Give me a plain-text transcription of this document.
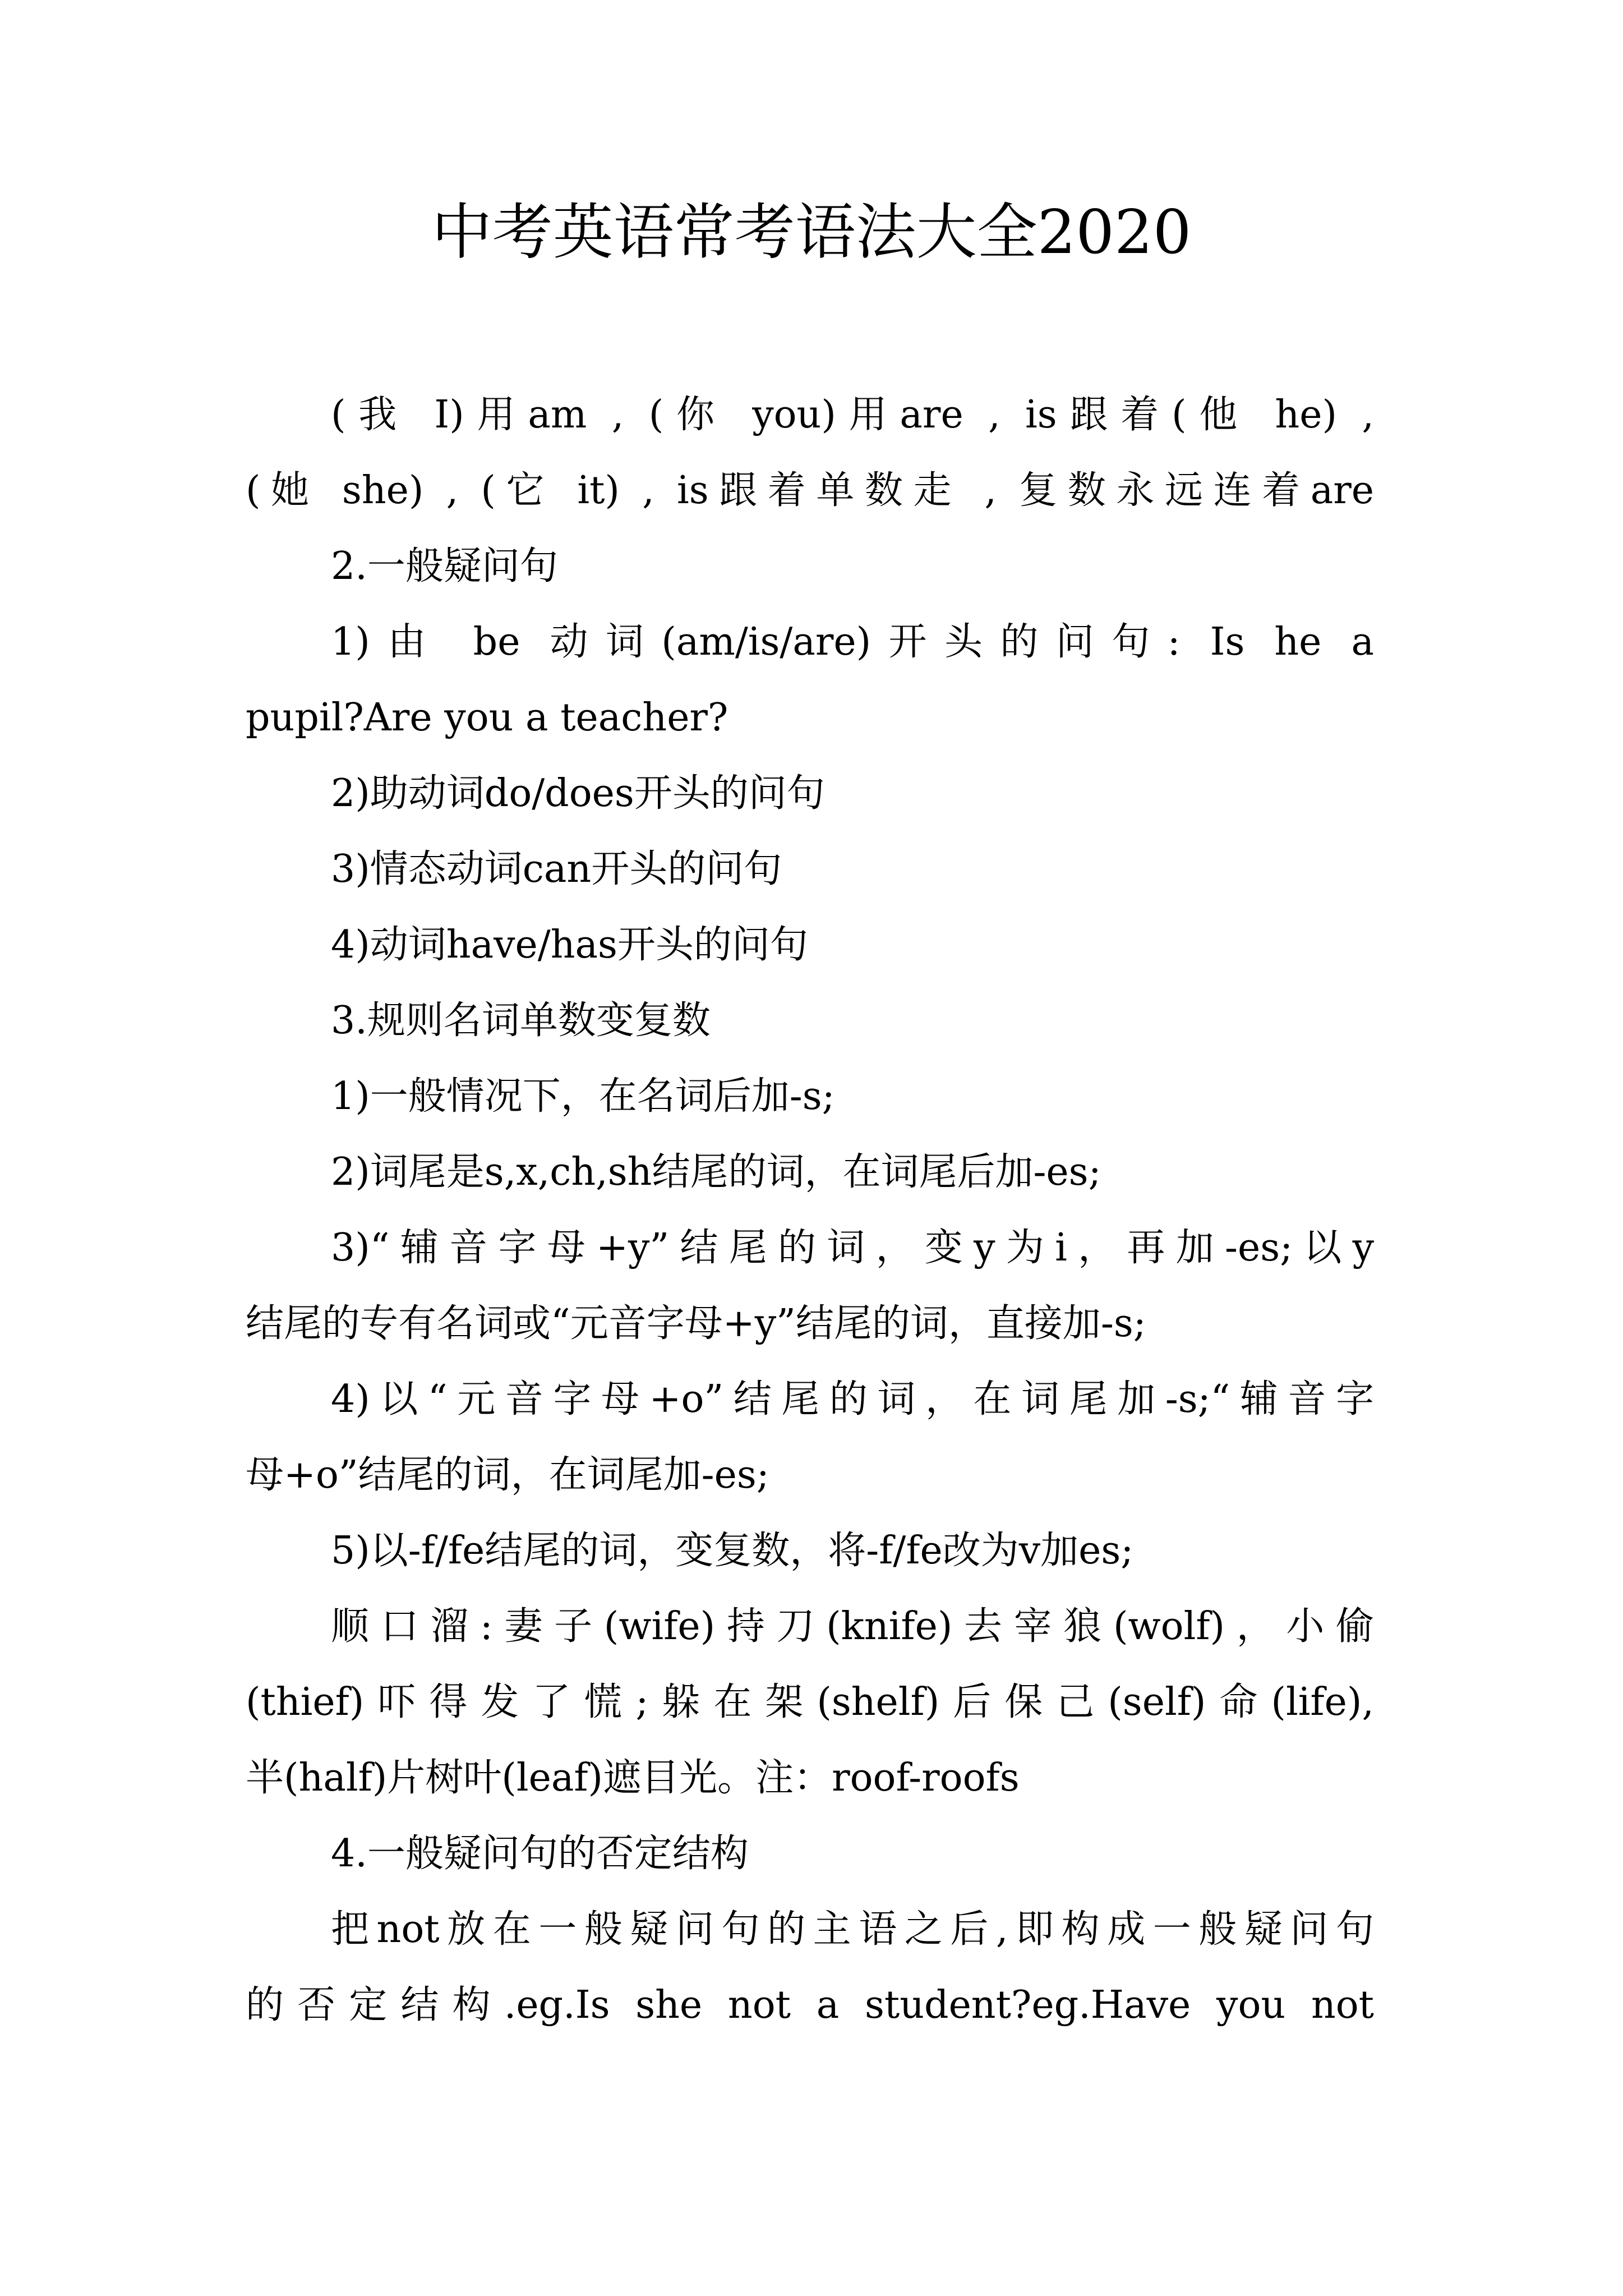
中考英语常考语法大全2020
(我 I)用am , (你 you)用are , is跟着(他 he) ,
(她 she) , (它 it) , is跟着单数走 , 复数永远连着are
2.一般疑问句
1)由 be 动词(am/is/are)开头的问句: Is he a
pupil?Are you a teacher?
2)助动词do/does开头的问句
3)情态动词can开头的问句
4)动词have/has开头的问句
3.规则名词单数变复数
1)一般情况下，在名词后加-s;
2)词尾是s,x,ch,sh结尾的词，在词尾后加-es;
3)“辅音字母+y”结尾的词，变y为i，再加-es;以y
结尾的专有名词或“元音字母+y”结尾的词，直接加-s;
4)以“元音字母+o”结尾的词，在词尾加-s;“辅音字
母+o”结尾的词，在词尾加-es;
5)以-f/fe结尾的词，变复数，将-f/fe改为v加es;
顺口溜:妻子(wife)持刀(knife)去宰狼(wolf)，小偷
(thief)吓得发了慌;躲在架(shelf)后保己(self)命(life),
半(half)片树叶(leaf)遮目光。注：roof-roofs
4.一般疑问句的否定结构
把not放在一般疑问句的主语之后,即构成一般疑问句
的否定结构.eg.Is she not a student?eg.Have you not
